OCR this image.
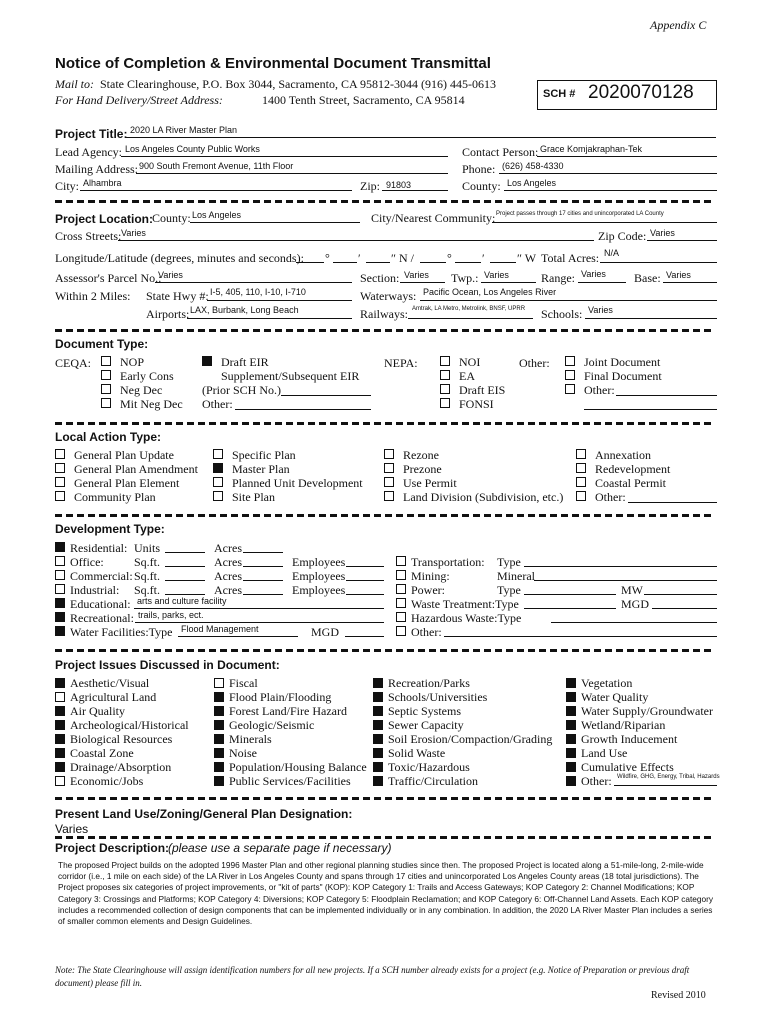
Appendix C
Notice of Completion & Environmental Document Transmittal
Mail to: State Clearinghouse, P.O. Box 3044, Sacramento, CA 95812-3044 (916) 445-0613
For Hand Delivery/Street Address:	1400 Tenth Street, Sacramento, CA 95814	SCH # 2020070128
Project Title: 2020 LA River Master Plan
Lead Agency: Los Angeles County Public Works	Contact Person: Grace Komjakraphan-Tek
Mailing Address: 900 South Fremont Avenue, 11th Floor	Phone: (626) 458-4330
City: Alhambra	Zip: 91803	County: Los Angeles
Project Location:
County: Los Angeles	City/Nearest Community: Project passes through 17 cities and unincorporated LA County
Cross Streets: Varies	Zip Code: Varies
Longitude/Latitude (degrees, minutes and seconds): ° ′	″ N /	°	′	″ W Total Acres: N/A
Assessor's Parcel No.:
Varies	Section: Varies Twp.: Varies	Range: Varies Base: Varies
Within 2 Miles: State Hwy #: I-5, 405, 110, I-10, I-710	Waterways: Pacific Ocean, Los Angeles River
Airports: LAX, Burbank, Long Beach	Railways: Amtrak, LA Metro, Metrolink, BNSF, UPRR Schools: Varies
Document Type:
CEQA: NOP
Early Cons
Neg Dec
Mit Neg Dec
Draft EIR
Supplement/Subsequent EIR
(Prior SCH No.)
Other:
NEPA:	NOI
EA
Draft EIS
FONSI
Other:	Joint Document
Final Document
Other:
Local Action Type:
General Plan Update
General Plan Amendment
General Plan Element
Community Plan
Specific Plan
Master Plan
Planned Unit Development
Site Plan
Rezone
Prezone
Use Permit
Land Division (Subdivision, etc.)
Annexation
Redevelopment
Coastal Permit
Other:
Development Type:
Residential: Units	Acres
Office:	Sq.ft.	Acres	Employees
Commercial: Sq.ft.	Acres	Employees
Industrial: Sq.ft.	Acres	Employees
Educational: arts and culture facility
Recreational: trails, parks, ect.
Water Facilities:Type Flood Management	MGD
Transportation: Type
Mining:	Mineral
Power:	Type	MW
Waste Treatment:Type	MGD
Hazardous Waste:Type
Other:
Project Issues Discussed in Document:
Aesthetic/Visual
Agricultural Land
Air Quality
Archeological/Historical
Biological Resources
Coastal Zone
Drainage/Absorption
Economic/Jobs
Fiscal
Flood Plain/Flooding
Forest Land/Fire Hazard
Geologic/Seismic
Minerals
Noise
Population/Housing Balance
Public Services/Facilities
Recreation/Parks
Schools/Universities
Septic Systems
Sewer Capacity
Soil Erosion/Compaction/Grading
Solid Waste
Toxic/Hazardous
Traffic/Circulation
Vegetation
Water Quality
Water Supply/Groundwater
Wetland/Riparian
Growth Inducement
Land Use
Cumulative Effects
Other: Wildfire, GHG, Energy, Tribal, Hazards
Present Land Use/Zoning/General Plan Designation:
Varies
Project Description:
(please use a separate page if necessary)
The proposed Project builds on the adopted 1996 Master Plan and other regional planning studies since then. The proposed Project is located along a 51-mile-long, 2-mile-wide corridor (i.e., 1 mile on each side) of the LA River in Los Angeles County and spans through 17 cities and unincorporated Los Angeles County areas (18 total jurisdictions). The Project proposes six categories of project improvements, or "kit of parts" (KOP): KOP Category 1: Trails and Access Gateways; KOP Category 2: Channel Modifications; KOP Category 3: Crossings and Platforms; KOP Category 4: Diversions; KOP Category 5: Floodplain Reclamation; and KOP Category 6: Off-Channel Land Assets. Each KOP category includes a recommended collection of design components that can be implemented individually or in any combination. In addition, the 2020 LA River Master Plan includes a series of smaller common elements and Design Guidelines.
Note: The State Clearinghouse will assign identification numbers for all new projects. If a SCH number already exists for a project (e.g. Notice of Preparation or previous draft document) please fill in.
Revised 2010
